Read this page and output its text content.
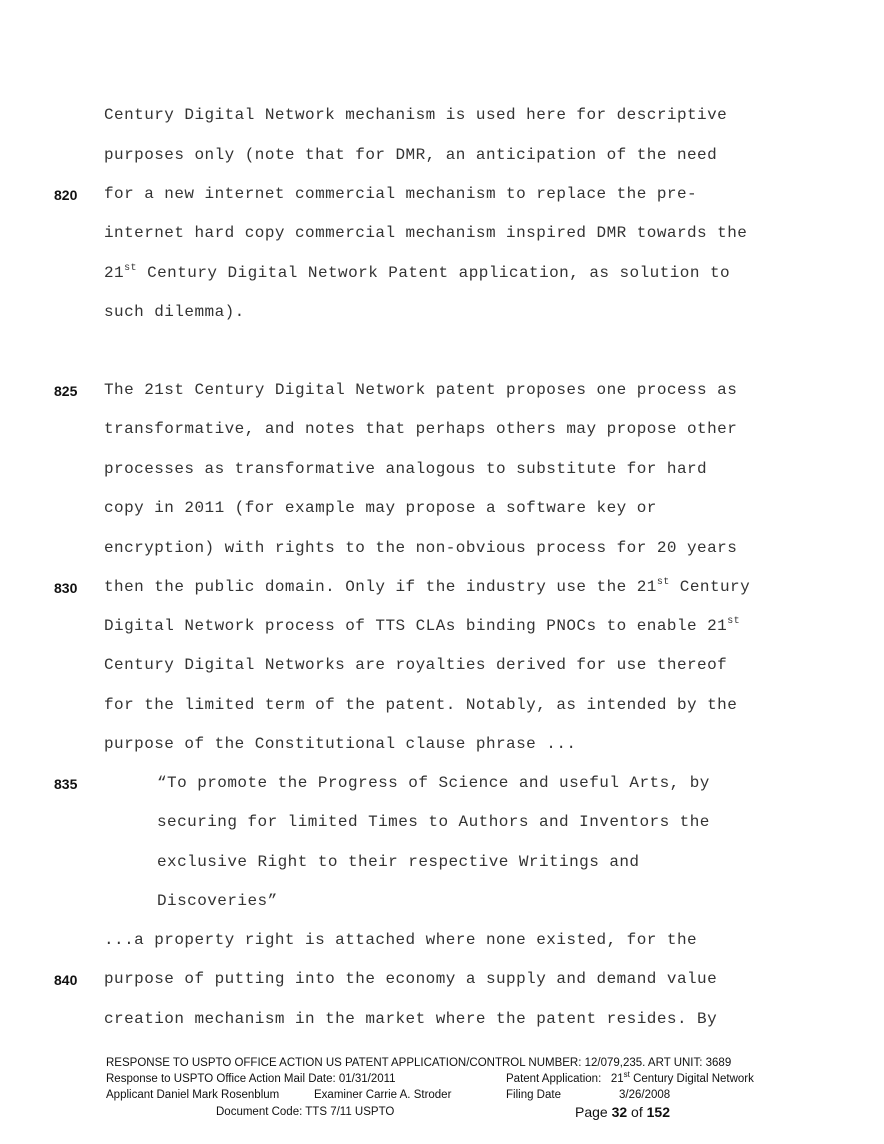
Century Digital Network mechanism is used here for descriptive
purposes only (note that for DMR, an anticipation of the need
820 for a new internet commercial mechanism to replace the pre-
internet hard copy commercial mechanism inspired DMR towards the
21st Century Digital Network Patent application, as solution to
such dilemma).
825 The 21st Century Digital Network patent proposes one process as
transformative, and notes that perhaps others may propose other
processes as transformative analogous to substitute for hard
copy in 2011 (for example may propose a software key or
encryption) with rights to the non-obvious process for 20 years
830 then the public domain. Only if the industry use the 21st Century
Digital Network process of TTS CLAs binding PNOCs to enable 21st
Century Digital Networks are royalties derived for use thereof
for the limited term of the patent. Notably, as intended by the
purpose of the Constitutional clause phrase ...
835	“To promote the Progress of Science and useful Arts, by
securing for limited Times to Authors and Inventors the
exclusive Right to their respective Writings and
Discoveries”
...a property right is attached where none existed, for the
840 purpose of putting into the economy a supply and demand value
creation mechanism in the market where the patent resides. By
RESPONSE TO USPTO OFFICE ACTION US PATENT APPLICATION/CONTROL NUMBER: 12/079,235. ART UNIT: 3689
Response to USPTO Office Action Mail Date: 01/31/2011	Patent Application: 21st Century Digital Network
Applicant Daniel Mark Rosenblum	Examiner Carrie A. Stroder	Filing Date	3/26/2008
Document Code: TTS 7/11 USPTO	Page 32 of 152
